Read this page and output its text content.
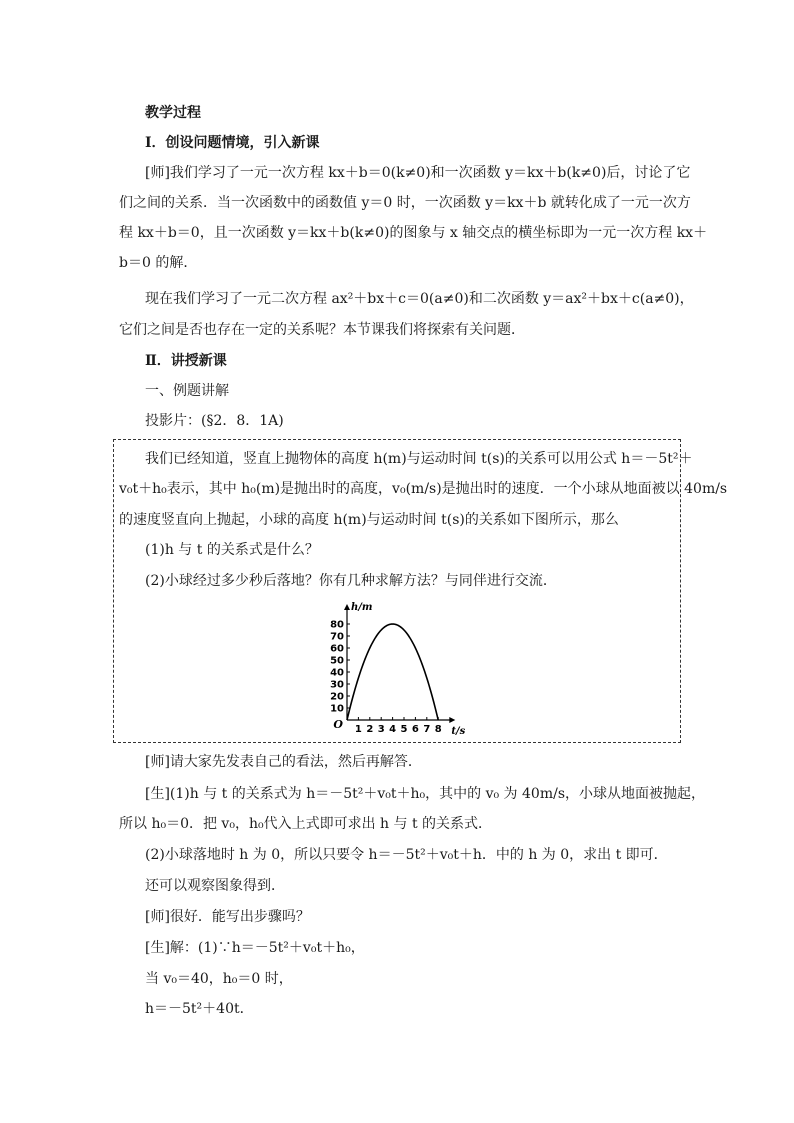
教学过程
Ⅰ．创设问题情境，引入新课
[师]我们学习了一元一次方程 kx＋b＝0(k≠0)和一次函数 y＝kx＋b(k≠0)后，讨论了它
们之间的关系．当一次函数中的函数值 y＝0 时，一次函数 y＝kx＋b 就转化成了一元一次方
程 kx＋b＝0，且一次函数 y＝kx＋b(k≠0)的图象与 x 轴交点的横坐标即为一元一次方程 kx＋
b＝0 的解．
现在我们学习了一元二次方程 ax²＋bx＋c＝0(a≠0)和二次函数 y＝ax²＋bx＋c(a≠0)，
它们之间是否也存在一定的关系呢？本节课我们将探索有关问题．
Ⅱ．讲授新课
一、例题讲解
投影片：(§2．8．1A)
我们已经知道，竖直上抛物体的高度 h(m)与运动时间 t(s)的关系可以用公式 h＝－5t²＋
v₀t＋h₀表示，其中 h₀(m)是抛出时的高度，v₀(m/s)是抛出时的速度．一个小球从地面被以 40m/s
的速度竖直向上抛起，小球的高度 h(m)与运动时间 t(s)的关系如下图所示，那么
(1)h 与 t 的关系式是什么？
(2)小球经过多少秒后落地？你有几种求解方法？与同伴进行交流．
1 2 3 4 5 6 7 8
10
20
30
40
50
60
70
80
O
h/m
t/s
[师]请大家先发表自己的看法，然后再解答．
[生](1)h 与 t 的关系式为 h＝－5t²＋v₀t＋h₀，其中的 v₀ 为 40m/s，小球从地面被抛起，
所以 h₀＝0．把 v₀，h₀代入上式即可求出 h 与 t 的关系式．
(2)小球落地时 h 为 0，所以只要令 h＝－5t²＋v₀t＋h．中的 h 为 0，求出 t 即可．
还可以观察图象得到．
[师]很好．能写出步骤吗？
[生]解：(1)∵h＝－5t²＋v₀t＋h₀，
当 v₀＝40，h₀＝0 时，
h＝－5t²＋40t．
